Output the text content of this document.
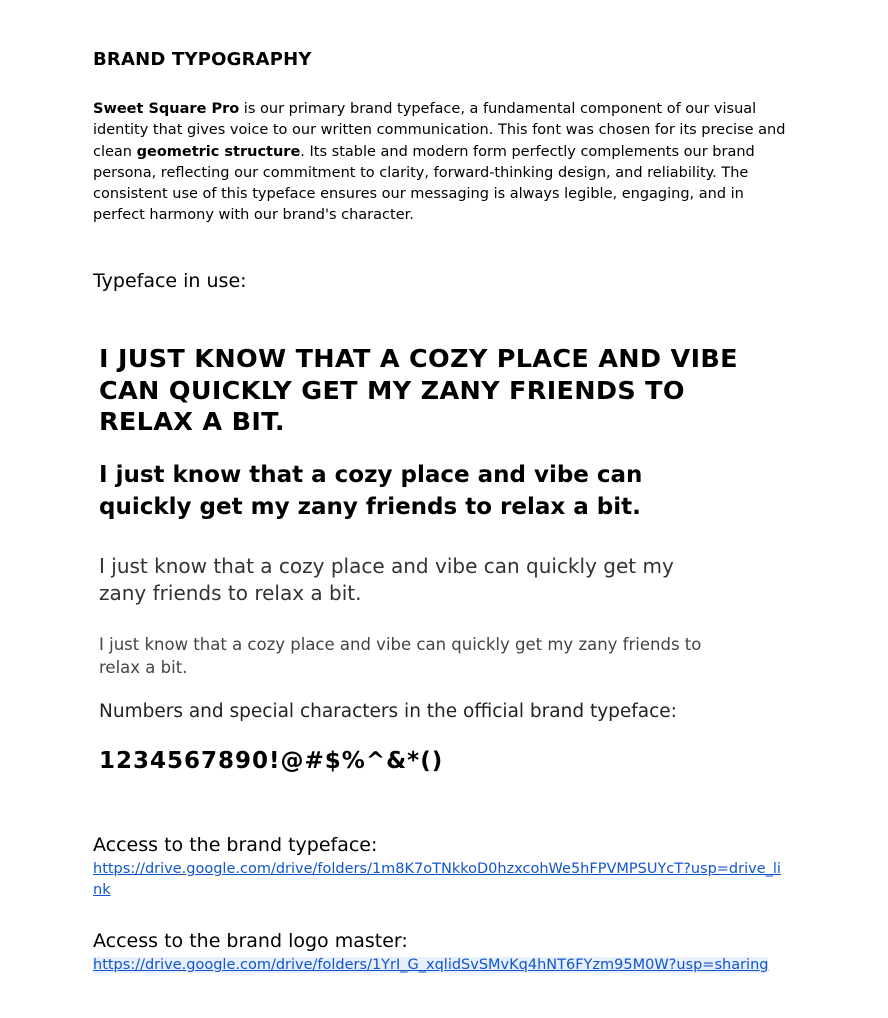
BRAND TYPOGRAPHY
Sweet Square Pro is our primary brand typeface, a fundamental component of our visual identity that gives voice to our written communication. This font was chosen for its precise and clean geometric structure. Its stable and modern form perfectly complements our brand persona, reflecting our commitment to clarity, forward-thinking design, and reliability. The consistent use of this typeface ensures our messaging is always legible, engaging, and in perfect harmony with our brand's character.
Typeface in use:
I JUST KNOW THAT A COZY PLACE AND VIBE CAN QUICKLY GET MY ZANY FRIENDS TO RELAX A BIT.
I just know that a cozy place and vibe can quickly get my zany friends to relax a bit.
I just know that a cozy place and vibe can quickly get my zany friends to relax a bit.
I just know that a cozy place and vibe can quickly get my zany friends to relax a bit.
Numbers and special characters in the official brand typeface:
1234567890!@#$%^&*()
Access to the brand typeface:
https://drive.google.com/drive/folders/1m8K7oTNkkoD0hzxcohWe5hFPVMPSUYcT?usp=drive_link
Access to the brand logo master:
https://drive.google.com/drive/folders/1YrI_G_xqlidSvSMvKq4hNT6FYzm95M0W?usp=sharing
